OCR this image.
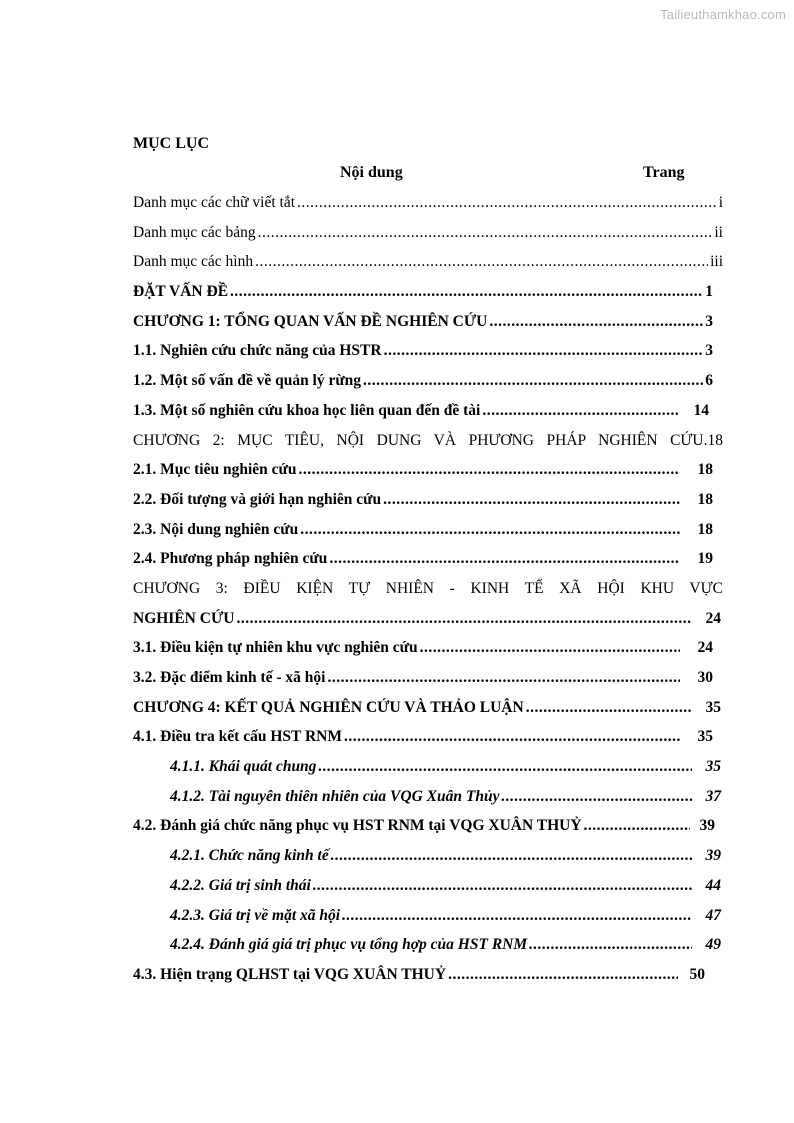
Tailieuthamkhao.com
MỤC LỤC
Nội dung	Trang
Danh mục các chữ viết tắt .....	i
Danh mục các bảng .....	ii
Danh mục các hình .....	iii
ĐẶT VẤN ĐỀ .....	1
CHƯƠNG 1: TỔNG QUAN VẤN ĐỀ NGHIÊN CỨU .....	3
1.1. Nghiên cứu chức năng của HSTR .....	3
1.2. Một số vấn đề về quản lý rừng .....	6
1.3. Một số nghiên cứu khoa học liên quan đến đề tài .....	14
CHƯƠNG 2: MỤC TIÊU, NỘI DUNG VÀ PHƯƠNG PHÁP NGHIÊN CỨU.18
2.1. Mục tiêu nghiên cứu .....	18
2.2. Đối tượng và giới hạn nghiên cứu .....	18
2.3. Nội dung nghiên cứu .....	18
2.4. Phương pháp nghiên cứu .....	19
CHƯƠNG 3: ĐIỀU KIỆN TỰ NHIÊN - KINH TẾ XÃ HỘI KHU VỰC
NGHIÊN CỨU .....	24
3.1. Điều kiện tự nhiên khu vực nghiên cứu .....	24
3.2. Đặc điểm kinh tế - xã hội .....	30
CHƯƠNG 4: KẾT QUẢ NGHIÊN CỨU VÀ THẢO LUẬN .....	35
4.1. Điều tra kết cấu HST RNM .....	35
4.1.1. Khái quát chung .....	35
4.1.2. Tài nguyên thiên nhiên của VQG Xuân Thủy .....	37
4.2. Đánh giá chức năng phục vụ HST RNM tại VQG XUÂN THUỶ .....	39
4.2.1. Chức năng kinh tế .....	39
4.2.2. Giá trị sinh thái .....	44
4.2.3. Giá trị về mặt xã hội .....	47
4.2.4. Đánh giá giá trị phục vụ tổng hợp của HST RNM .....	49
4.3. Hiện trạng QLHST tại VQG XUÂN THUỶ .....	50
